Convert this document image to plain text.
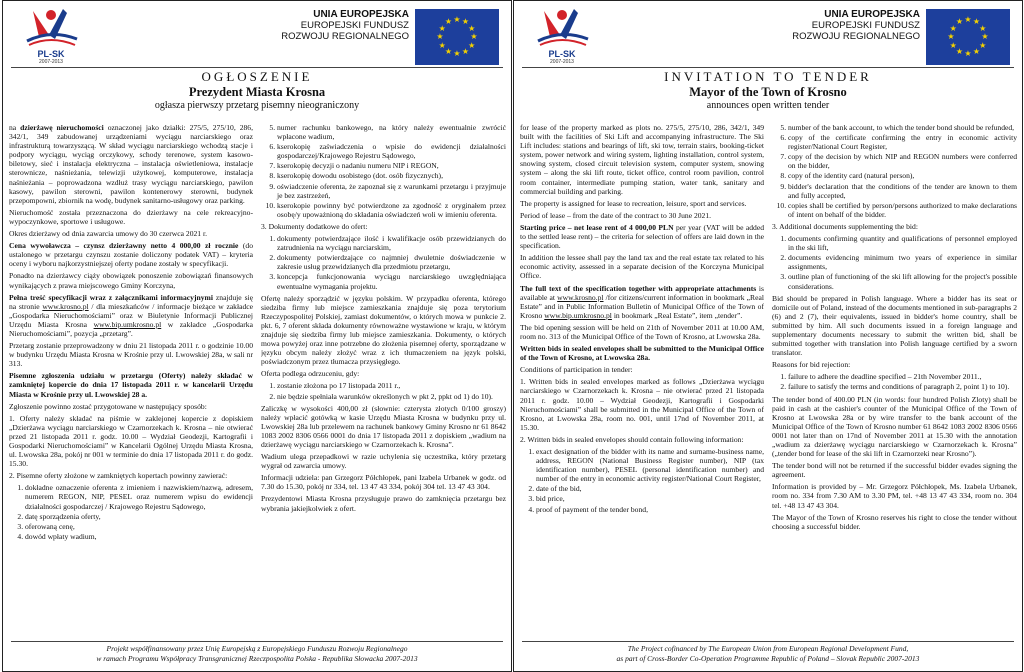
PL-SK
2007-2013
UNIA EUROPEJSKA
EUROPEJSKI FUNDUSZ
ROZWOJU REGIONALNEGO
★ ★
★
★
★
★
★
★
★
★
★
★
OGŁOSZENIE
Prezydent Miasta Krosna
ogłasza pierwszy przetarg pisemny nieograniczony

na dzierżawę nieruchomości oznaczonej jako działki: 275/5, 275/10, 286, 342/1, 349 zabudowanej urządzeniami wyciągu narciarskiego oraz infrastrukturą towarzyszącą. W skład wyciągu narciarskiego wchodzą stacje i podpory wyciągu, wyciąg orczykowy, schody terenowe, system kasowo-biletowy, sieć i instalacja elektryczna – instalacja oświetleniowa, instalacje sterownicze, naśnieżania, telewizji użytkowej, komputerowe, instalacja naśnieżania – poprowadzona wzdłuż trasy wyciągu narciarskiego, pawilon kasowy, pawilon sterowni, pawilon kontenerowy sterowni, budynek przepompowni, zbiornik na wodę, budynek sanitarno-usługowy oraz parking.

Nieruchomość została przeznaczona do dzierżawy na cele rekreacyjno-wypoczynkowe, sportowe i usługowe.

Okres dzierżawy od dnia zawarcia umowy do 30 czerwca 2021 r.

Cena wywoławcza – czynsz dzierżawny netto 4 000,00 zł rocznie (do ustalonego w przetargu czynszu zostanie doliczony podatek VAT) – kryteria oceny i wyboru najkorzystniejszej oferty podane zostały w specyfikacji.

Ponadto na dzierżawcy ciąży obowiązek ponoszenie zobowiązań finansowych wynikających z prawa miejscowego Gminy Korczyna,

Pełna treść specyfikacji wraz z załącznikami informacyjnymi znajduje się na stronie www.krosno.pl / dla mieszkańców / informacje bieżące w zakładce „Gospodarka Nieruchomościami” oraz w Biuletynie Informacji Publicznej Urzędu Miasta Krosna www.bip.umkrosno.pl w zakładce „Gospodarka Nieruchomościami”, pozycja „przetarg”.

Przetarg zostanie przeprowadzony w dniu 21 listopada 2011 r. o godzinie 10.00 w budynku Urzędu Miasta Krosna w Krośnie przy ul. Lwowskiej 28a, w sali nr 313.

Pisemne zgłoszenia udziału w przetargu (Oferty) należy składać w zamkniętej kopercie do dnia 17 listopada 2011 r. w kancelarii Urzędu Miasta w Krośnie przy ul. Lwowskiej 28 a.

Zgłoszenie powinno zostać przygotowane w następujący sposób:

1. Oferty należy składać na piśmie w zaklejonej kopercie z dopiskiem „Dzierżawa wyciągu narciarskiego w Czarnorzekach k. Krosna – nie otwierać przed 21 listopada 2011 r. godz. 10.00 – Wydział Geodezji, Kartografii i Gospodarki Nieruchomościami” w Kancelarii Ogólnej Urzędu Miasta Krosna, ul. Lwowska 28a, pokój nr 001 w terminie do dnia 17 listopada 2011 r. do godz. 15.30.

2. Pisemne oferty złożone w zamkniętych kopertach powinny zawierać:

1. dokładne oznaczenie oferenta z imieniem i nazwiskiem/nazwą, adresem, numerem REGON, NIP, PESEL oraz numerem wpisu do ewidencji działalności gospodarczej / Krajowego Rejestru Sądowego,
2. datę sporządzenia oferty,
3. oferowaną cenę,
4. dowód wpłaty wadium,
5. numer rachunku bankowego, na który należy ewentualnie zwrócić wpłacone wadium,
6. kserokopię zaświadczenia o wpisie do ewidencji działalności gospodarczej/Krajowego Rejestru Sądowego,
7. kserokopię decyzji o nadaniu numeru NIP i REGON,
8. kserokopię dowodu osobistego (dot. osób fizycznych),
9. oświadczenie oferenta, że zapoznał się z warunkami przetargu i przyjmuje je bez zastrzeżeń,
10. kserokopie powinny być potwierdzone za zgodność z oryginałem przez osobę/y upoważnioną do składania oświadczeń woli w imieniu oferenta.

3. Dokumenty dodatkowe do ofert:

1. dokumenty potwierdzające ilość i kwalifikacje osób przewidzianych do zatrudnienia na wyciągu narciarskim,
2. dokumenty potwierdzające co najmniej dwuletnie doświadczenie w zakresie usług przewidzianych dla przedmiotu przetargu,
3. koncepcja funkcjonowania wyciągu narciarskiego uwzględniająca ewentualne wymagania projektu.

Ofertę należy sporządzić w języku polskim. W przypadku oferenta, którego siedziba firmy lub miejsce zamieszkania znajduje się poza terytorium Rzeczypospolitej Polskiej, zamiast dokumentów, o których mowa w punkcie 2. pkt. 6, 7 oferent składa dokumenty równoważne wystawione w kraju, w którym znajduje się siedziba firmy lub miejsce zamieszkania. Dokumenty, o których mowa powyżej oraz inne potrzebne do złożenia pisemnej oferty, sporządzane w języku obcym należy złożyć wraz z ich tłumaczeniem na język polski, poświadczonym przez tłumacza przysięgłego.

Oferta podlega odrzuceniu, gdy:

1. zostanie złożona po 17 listopada 2011 r.,
2. nie będzie spełniała warunków określonych w pkt 2, ppkt od 1) do 10).

Zaliczkę w wysokości 400,00 zł (słownie: czterysta złotych 0/100 groszy) należy wpłacić gotówką w kasie Urzędu Miasta Krosna w budynku przy ul. Lwowskiej 28a lub przelewem na rachunek bankowy Gminy Krosno nr 61 8642 1083 2002 8306 0566 0001 do dnia 17 listopada 2011 z dopiskiem „wadium na dzierżawę wyciągu narciarskiego w Czarnorzekach k. Krosna”.

Wadium ulega przepadkowi w razie uchylenia się uczestnika, który przetarg wygrał od zawarcia umowy.

Informacji udziela: pan Grzegorz Półchłopek, pani Izabela Urbanek w godz. od 7.30 do 15.30, pokój nr 334, tel. 13 47 43 334, pokój 304 tel. 13 47 43 304.

Prezydentowi Miasta Krosna przysługuje prawo do zamknięcia przetargu bez wybrania jakiejkolwiek z ofert.

Projekt współfinansowany przez Unię Europejską z Europejskiego Funduszu Rozwoju Regionalnego
w ramach Programu Współpracy Transgranicznej Rzeczpospolita Polska - Republika Słowacka 2007-2013
PL-SK
2007-2013
UNIA EUROPEJSKA
EUROPEJSKI FUNDUSZ
ROZWOJU REGIONALNEGO
★ ★
★
★
★
★
★
★
★
★
★
★
INVITATION TO TENDER
Mayor of the Town of Krosno
announces open written tender

for lease of the property marked as plots no. 275/5, 275/10, 286, 342/1, 349 built with the facilities of Ski Lift and accompanying infrastructure. The Ski Lift includes: stations and bearings of lift, ski tow, terrain stairs, booking-ticket system, power network and wiring system, lighting installation, control system, snowing system, closed circuit television system, computer system, snowing system – along the ski lift route, ticket office, control room pavilion, control room container, intermediate pumping station, water tank, sanitary and commercial building and parking.

The property is assigned for lease to recreation, leisure, sport and services.

Period of lease – from the date of the contract to 30 June 2021.

Starting price – net lease rent of 4 000,00 PLN per year (VAT will be added to the settled lease rent) – the criteria for selection of offers are laid down in the specification.

In addition the lessee shall pay the land tax and the real estate tax related to his economic activity, assessed in a separate decision of the Korczyna Municipal Office.

The full text of the specification together with appropriate attachments is available at www.krosno.pl /for citizens/current information in bookmark „Real Estate” and in Public Information Bulletin of Municipal Office of the Town of Krosno www.bip.umkrosno.pl in bookmark „Real Estate”, item „tender”.

The bid opening session will be held on 21th of November 2011 at 10.00 AM, room no. 313 of the Municipal Office of the Town of Krosno, at Lwowska 28a.

Written bids in sealed envelopes shall be submitted to the Municipal Office of the Town of Krosno, at Lwowska 28a.

Conditions of participation in tender:

1. Written bids in sealed envelopes marked as follows „Dzierżawa wyciągu narciarskiego w Czarnorzekach k. Krosna – nie otwierać przed 21 listopada 2011 r. godz. 10.00 – Wydział Geodezji, Kartografii i Gospodarki Nieruchomościami” shall be submitted in the Municipal Office of the Town of Krosno, at Lwowska 28a, room no. 001, until 17nd of November 2011, at 15.30.

2. Written bids in sealed envelopes should contain following information:

1. exact designation of the bidder with its name and surname-business name, address, REGON (National Business Register number), NIP (tax identification number), PESEL (personal identification number) and number of the entry in economic activity register/National Court Register,
2. date of the bid,
3. bid price,
4. proof of payment of the tender bond,
5. number of the bank account, to which the tender bond should be refunded,
6. copy of the certificate confirming the entry in economic activity register/National Court Register,
7. copy of the decision by which NIP and REGON numbers were conferred on the bidder,
8. copy of the identity card (natural person),
9. bidder's declaration that the conditions of the tender are known to them and fully accepted,
10. copies shall be certified by person/persons authorized to make declarations of intent on behalf of the bidder.

3. Additional documents supplementing the bid:

1. documents confirming quantity and qualifications of personnel employed in the ski lift,
2. documents evidencing minimum two years of experience in similar assignments,
3. outline plan of functioning of the ski lift allowing for the project's possible considerations.

Bid should be prepared in Polish language. Where a bidder has its seat or domicile out of Poland, instead of the documents mentioned in sub-paragraphs 2 (6) and 2 (7), their equivalents, issued in bidder's home country, shall be submitted by him. All such documents issued in a foreign language and supplementary documents necessary to submit the written bid, shall be submitted together with translation into Polish language certified by a sworn translator.

Reasons for bid rejection:

1. failure to adhere the deadline specified – 21th November 2011.,
2. failure to satisfy the terms and conditions of paragraph 2, point 1) to 10).

The tender bond of 400.00 PLN (in words: four hundred Polish Zloty) shall be paid in cash at the cashier's counter of the Municipal Office of the Town of Krosno at Lwowska 28a or by wire transfer to the bank account of the Municipal Office of the Town of Krosno number 61 8642 1083 2002 8306 0566 0001 not later than on 17nd of November 2011 at 15.30 with the annotation „wadium za dzierżawę wyciągu narciarskiego w Czarnorzekach k. Krosna” („tender bond for lease of the ski lift in Czarnorzeki near Krosno”).

The tender bond will not be returned if the successful bidder evades signing the agreement.

Information is provided by – Mr. Grzegorz Półchłopek, Ms. Izabela Urbanek, room no. 334 from 7.30 AM to 3.30 PM, tel. +48 13 47 43 334, room no. 304 tel. +48 13 47 43 304.

The Mayor of the Town of Krosno reserves his right to close the tender without choosing a successful bidder.

The Project cofinanced by The European Union from European Regional Development Fund,
as part of Cross-Border Co-Operation Programme Republic of Poland – Slovak Republic 2007-2013
